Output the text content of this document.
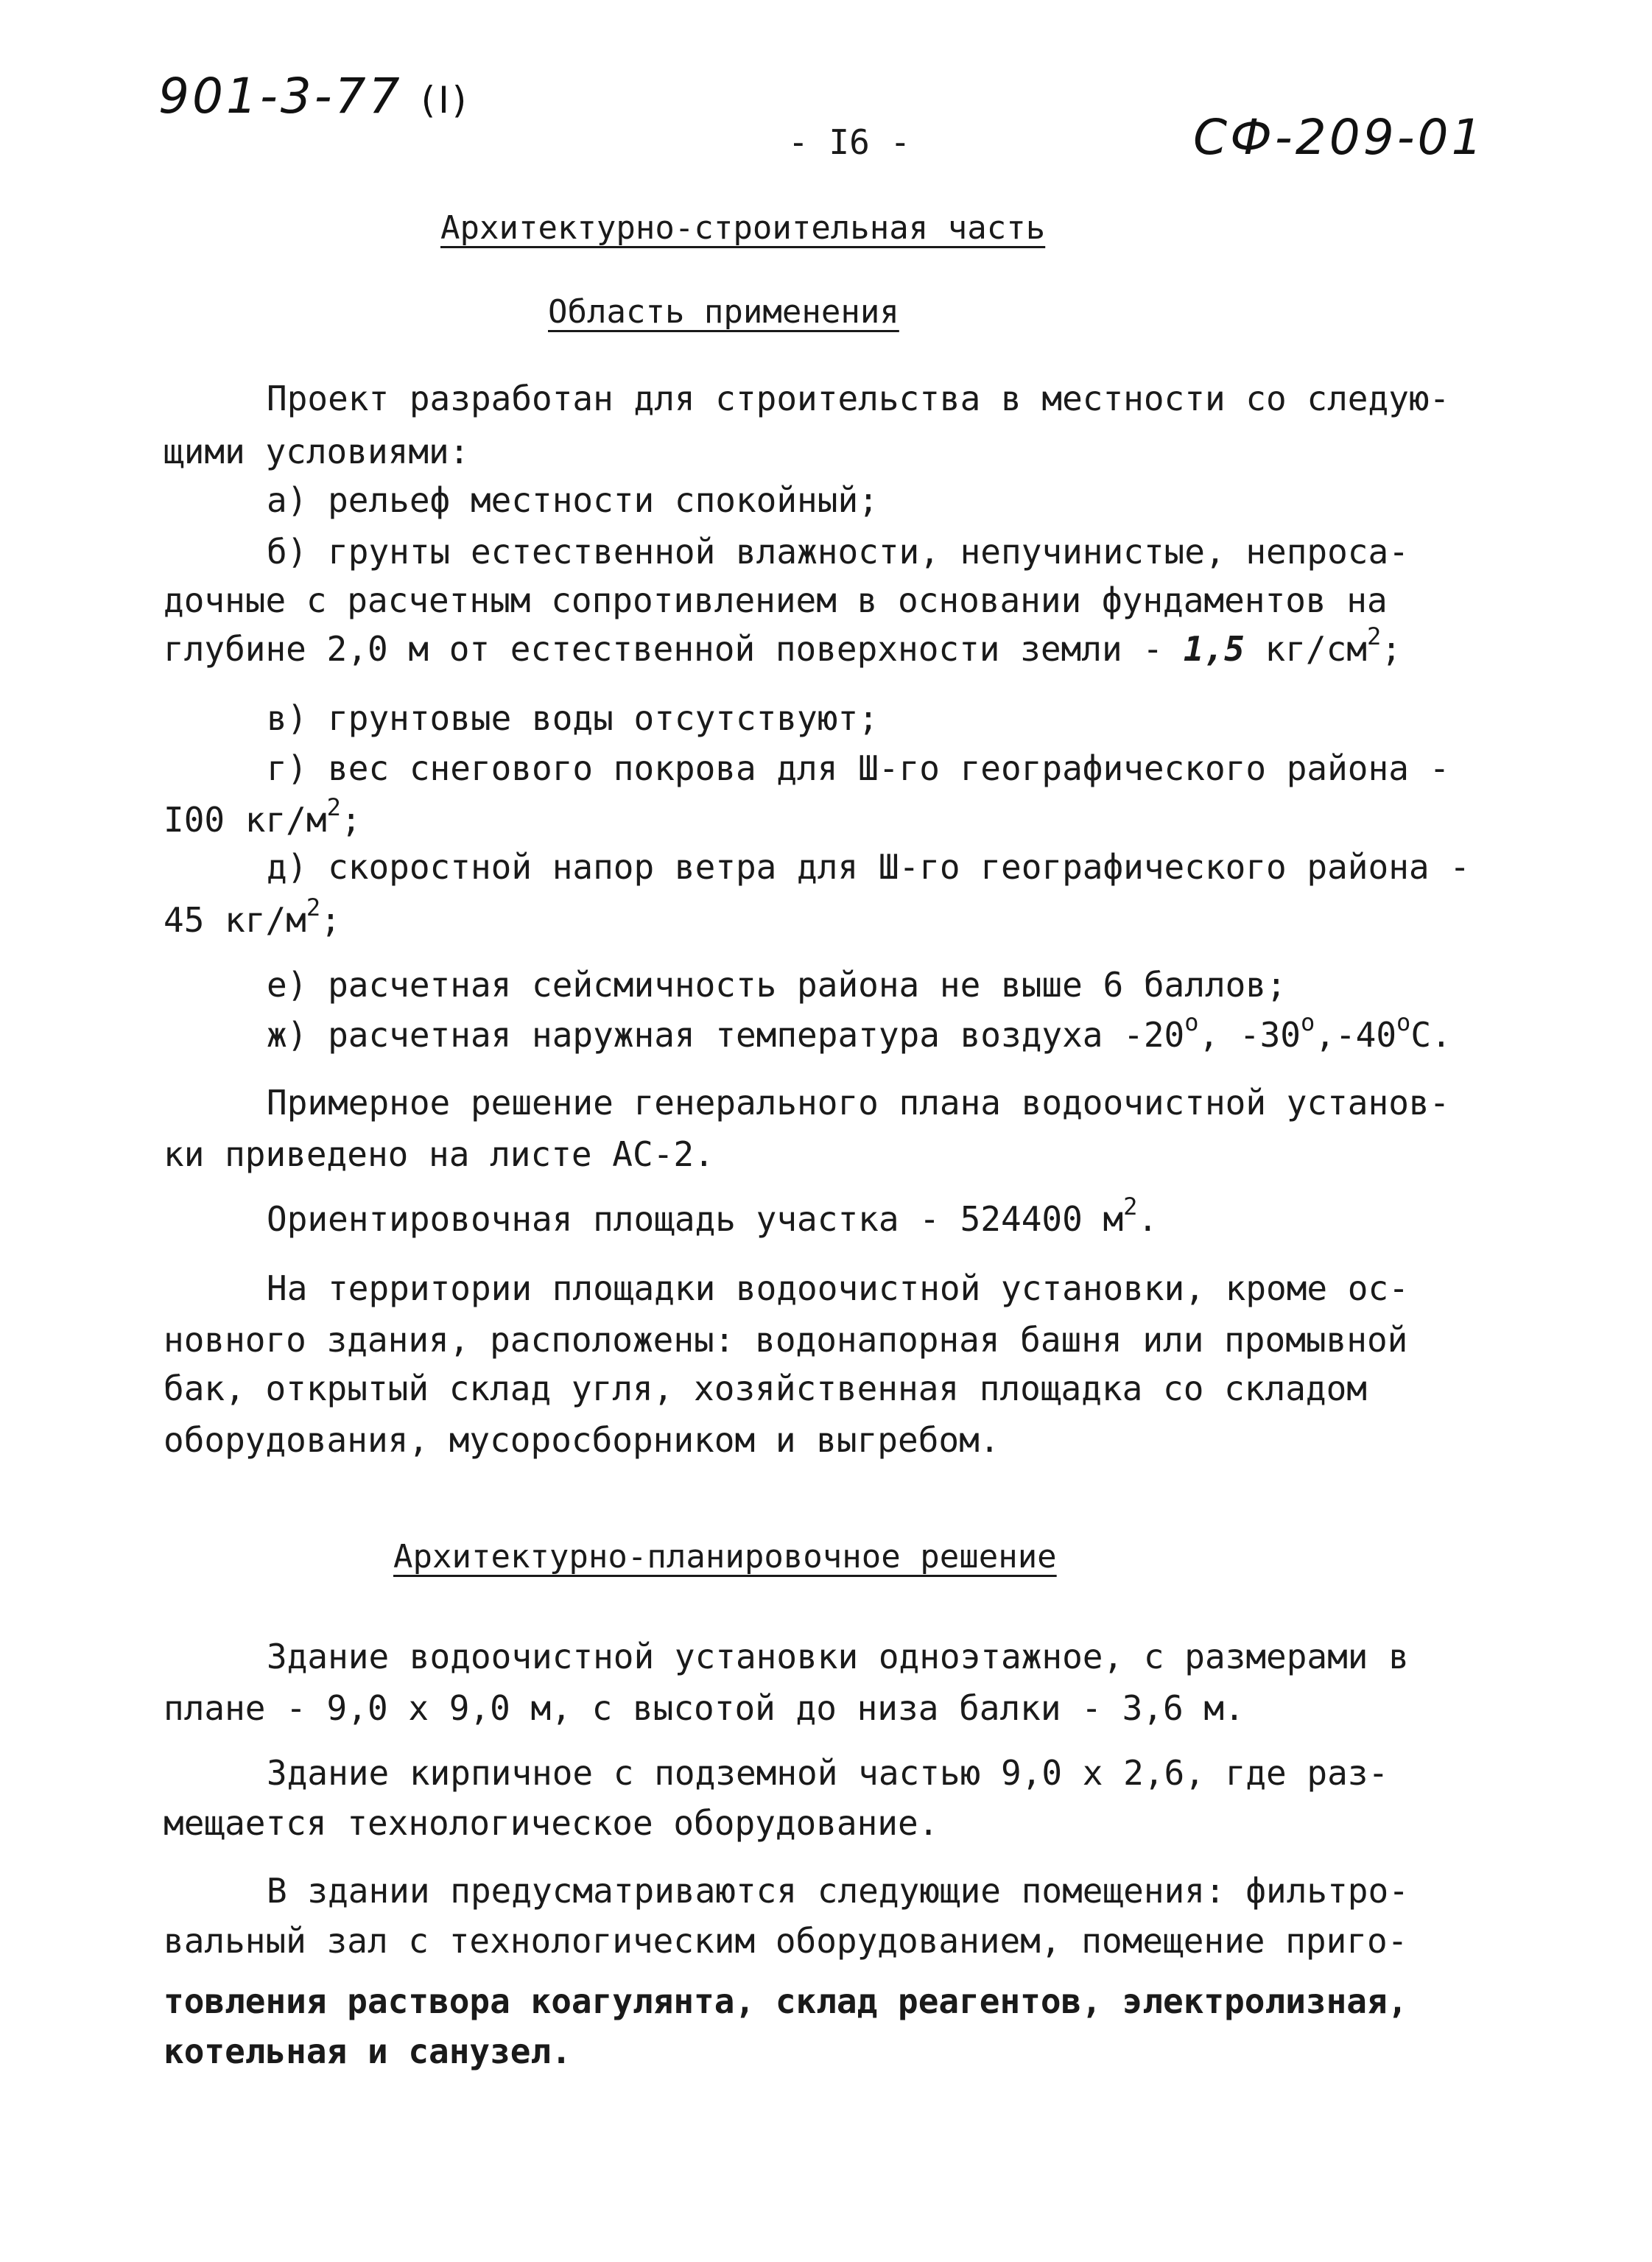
901-3-77 (I)
- I6 -	СФ-209-01
Архитектурно-строительная часть
Область применения
Проект разработан для строительства в местности со следую-
щими условиями:
а) рельеф местности спокойный;
б) грунты естественной влажности, непучинистые, непроса-
дочные с расчетным сопротивлением в основании фундаментов на
глубине 2,0 м от естественной поверхности земли - 1,5 $кг/см^2$;
в) грунтовые воды отсутствуют;
г) вес снегового покрова для Ш-го географического района -
I00 $кг/м^2$;
д) скоростной напор ветра для Ш-го географического района -
45 $кг/м^2$;
е) расчетная сейсмичность района не выше 6 баллов;
ж) расчетная наружная температура воздуха $-20^о$, $-30^о,-40^оС$.
Примерное решение генерального плана водоочистной установ-
ки приведено на листе АС-2.
Ориентировочная площадь участка - 524400 $м^2$.
На территории площадки водоочистной установки, кроме ос-
новного здания, расположены: водонапорная башня или промывной
бак, открытый склад угля, хозяйственная площадка со складом
оборудования, мусоросборником и выгребом.
Архитектурно-планировочное решение
Здание водоочистной установки одноэтажное, с размерами в
плане - 9,0 х 9,0 м, с высотой до низа балки - 3,6 м.
Здание кирпичное с подземной частью 9,0 х 2,6, где раз-
мещается технологическое оборудование.
В здании предусматриваются следующие помещения: фильтро-
вальный зал с технологическим оборудованием, помещение приго-
товления раствора коагулянта, склад реагентов, электролизная,
котельная и санузел.
